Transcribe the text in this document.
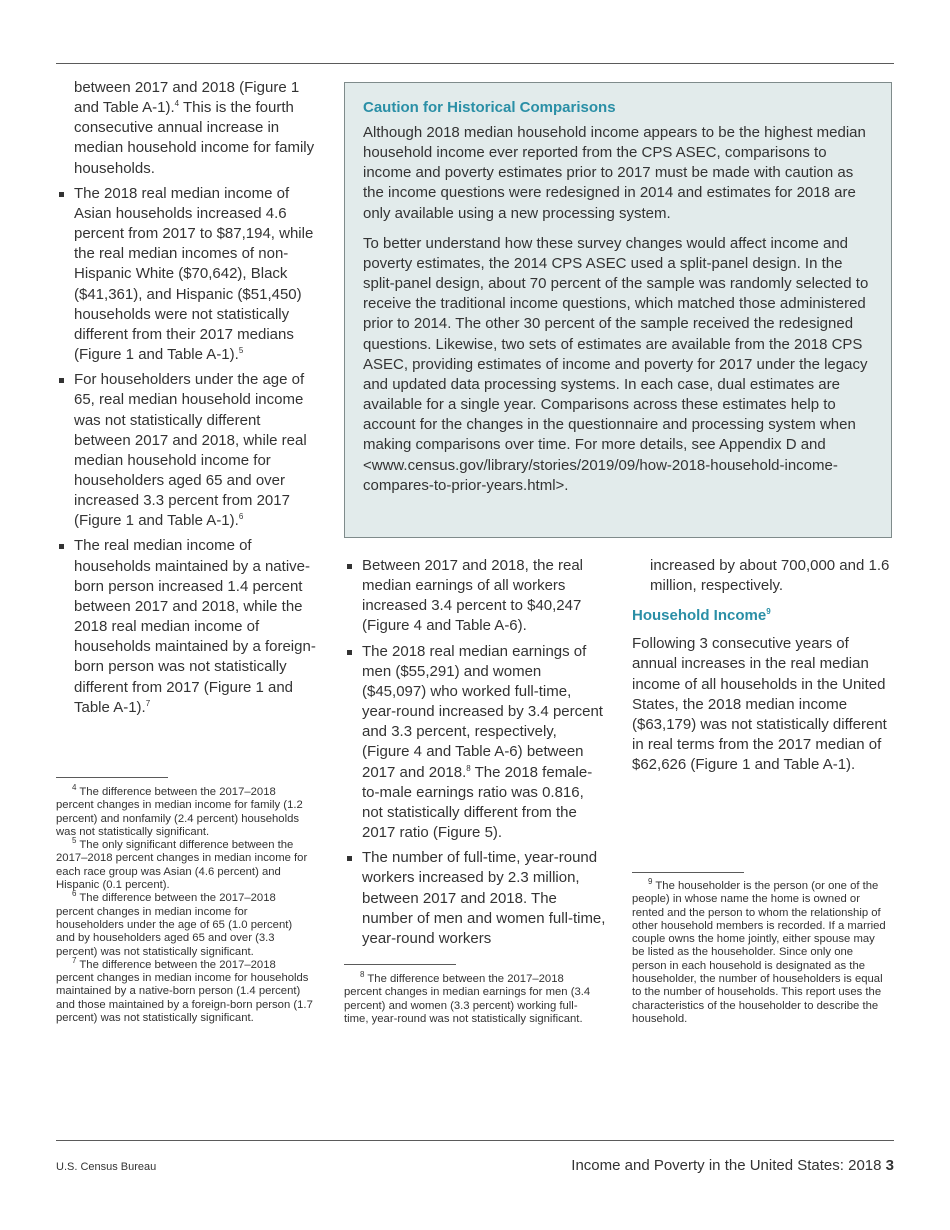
between 2017 and 2018 (Figure 1 and Table A-1).$^4$ This is the fourth consecutive annual increase in median household income for family households.

The 2018 real median income of Asian households increased 4.6 percent from 2017 to $87,194, while the real median incomes of non-Hispanic White ($70,642), Black ($41,361), and Hispanic ($51,450) households were not statistically different from their 2017 medians (Figure 1 and Table A-1).$^5$
For householders under the age of 65, real median household income was not statistically different between 2017 and 2018, while real median household income for householders aged 65 and over increased 3.3 percent from 2017 (Figure 1 and Table A-1).$^6$
The real median income of households maintained by a native-born person increased 1.4 percent between 2017 and 2018, while the 2018 real median income of households maintained by a foreign-born person was not statistically different from 2017 (Figure 1 and Table A-1).$^7$
Caution for Historical Comparisons

Although 2018 median household income appears to be the highest median household income ever reported from the CPS ASEC, comparisons to income and poverty estimates prior to 2017 must be made with caution as the income questions were redesigned in 2014 and estimates for 2018 are only available using a new processing system.

To better understand how these survey changes would affect income and poverty estimates, the 2014 CPS ASEC used a split-panel design. In the split-panel design, about 70 percent of the sample was randomly selected to receive the traditional income questions, which matched those administered prior to 2014. The other 30 percent of the sample received the redesigned questions. Likewise, two sets of estimates are available from the 2018 CPS ASEC, providing estimates of income and poverty for 2017 under the legacy and updated data processing systems. In each case, dual estimates are available for a single year. Comparisons across these estimates help to account for the changes in the questionnaire and processing system when making comparisons over time. For more details, see Appendix D and <www.census.gov/library/stories/2019/09/how-2018-household-income-compares-to-prior-years.html>.

Between 2017 and 2018, the real median earnings of all workers increased 3.4 percent to $40,247 (Figure 4 and Table A-6).
The 2018 real median earnings of men ($55,291) and women ($45,097) who worked full-time, year-round increased by 3.4 percent and 3.3 percent, respectively, (Figure 4 and Table A-6) between 2017 and 2018.$^8$ The 2018 female-to-male earnings ratio was 0.816, not statistically different from the 2017 ratio (Figure 5).
The number of full-time, year-round workers increased by 2.3 million, between 2017 and 2018. The number of men and women full-time, year-round workers

increased by about 700,000 and 1.6 million, respectively.

Household Income$^9$

Following 3 consecutive years of annual increases in the real median income of all households in the United States, the 2018 median income ($63,179) was not statistically different in real terms from the 2017 median of $62,626 (Figure 1 and Table A-1).

$^4$ The difference between the 2017–2018 percent changes in median income for family (1.2 percent) and nonfamily (2.4 percent) households was not statistically significant.

$^5$ The only significant difference between the 2017–2018 percent changes in median income for each race group was Asian (4.6 percent) and Hispanic (0.1 percent).

$^6$ The difference between the 2017–2018 percent changes in median income for householders under the age of 65 (1.0 percent) and by householders aged 65 and over (3.3 percent) was not statistically significant.

$^7$ The difference between the 2017–2018 percent changes in median income for households maintained by a native-born person (1.4 percent) and those maintained by a foreign-born person (1.7 percent) was not statistically significant.

$^8$ The difference between the 2017–2018 percent changes in median earnings for men (3.4 percent) and women (3.3 percent) working full-time, year-round was not statistically significant.

$^9$ The householder is the person (or one of the people) in whose name the home is owned or rented and the person to whom the relationship of other household members is recorded. If a married couple owns the home jointly, either spouse may be listed as the householder. Since only one person in each household is designated as the householder, the number of householders is equal to the number of households. This report uses the characteristics of the householder to describe the household.

U.S. Census Bureau	Income and Poverty in the United States: 2018 3
